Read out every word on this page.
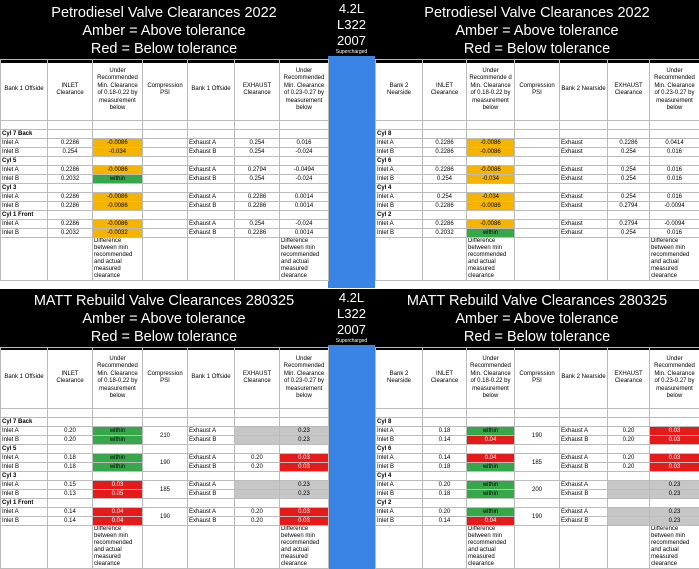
Petrodiesel Valve Clearances 2022
Amber = Above tolerance
Red = Below tolerance
Petrodiesel Valve Clearances 2022
Amber = Above tolerance
Red = Below tolerance
4.2L
L322
2007
Supercharged
MATT Rebuild Valve Clearances 280325
Amber = Above tolerance
Red = Below tolerance
MATT Rebuild Valve Clearances 280325
Amber = Above tolerance
Red = Below tolerance
4.2L
L322
2007
Supercharged
Bank 1 Offside	INLET Clearance	Under Recommended Min. Clearance of 0.18-0.22 by measurement below	Compression PSI	Bank 1 Offside	EXHAUST Clearance	Under Recommended Min. Clearance of 0.23-0.27 by measurement below

Cyl 7 Back						
Inlet A	0.2286	-0.0086		Exhaust A	0.254	0.016
Inlet B	0.254	-0.034		Exhaust B	0.254	-0.024
Cyl 5						
Inlet A	0.2286	-0.0086		Exhaust A	0.2794	-0.0494
Inlet B	0.2032	within		Exhaust B	0.254	-0.024
Cyl 3						
Inlet A	0.2286	-0.0086		Exhaust A	0.2286	0.0014
Inlet B	0.2286	-0.0086		Exhaust B	0.2286	0.0014
Cyl 1 Front						
Inlet A	0.2286	-0.0086		Exhaust A	0.254	-0.024
Inlet B	0.2032	-0.0032		Exhaust B	0.2286	0.0014
		Difference between min recommended and actual measured clearance				Difference between min recommended and actual measured clearance
Bank 2 Nearside	INLET Clearance	Under Recommende d Min. Clearance of 0.18-0.22 by measurement below	Compression PSI	Bank 2 Nearside	EXHAUST Clearance	Under Recommended Min. Clearance of 0.23-0.27 by measurement below

Cyl 8						
Inlet A	0.2286	-0.0086		Exhaust	0.2286	0.0414
Inlet B	0.2286	-0.0086		Exhaust	0.254	0.016
Cyl 6						
Inlet A	0.2286	-0.0086		Exhaust	0.254	0.016
Inlet B	0.254	-0.034		Exhaust	0.254	0.016
Cyl 4						
Inlet A	0.254	-0.034		Exhaust	0.254	0.016
Inlet B	0.2286	-0.0086		Exhaust	0.2794	-0.0094
Cyl 2						
Inlet A	0.2286	-0.0086		Exhaust	0.2794	-0.0094
Inlet B	0.2032	within		Exhaust	0.254	0.016
		Difference between min recommended and actual measured clearance				Difference between min recommended and actual measured clearance
Bank 1 Offside	INLET Clearance	Under Recommended Min. Clearance of 0.18-0.22 by measurement below	Compression PSI	Bank 1 Offside	EXHAUST Clearance	Under Recommended Min. Clearance of 0.23-0.27 by measurement below

Cyl 7 Back						
Inlet A	0.20	within	210	Exhaust A		0.23
Inlet B	0.20	within		Exhaust B		0.23
Cyl 5						
Inlet A	0.18	within	190	Exhaust A	0.20	0.03
Inlet B	0.18	within		Exhaust B	0.20	0.03
Cyl 3						
Inlet A	0.15	0.03	185	Exhaust A		0.23
Inlet B	0.13	0.05		Exhaust B		0.23
Cyl 1 Front						
Inlet A	0.14	0.04	190	Exhaust A	0.20	0.03
Inlet B	0.14	0.04		Exhaust B	0.20	0.03
		Difference between min recommended and actual measured clearance				Difference between min recommended and actual measured clearance
Bank 2 Nearside	INLET Clearance	Under Recommended Min. Clearance of 0.18-0.22 by measurement below	Compression PSI	Bank 2 Nearside	EXHAUST Clearance	Under Recommended Min. Clearance of 0.23-0.27 by measurement below

Cyl 8						
Inlet A	0.18	within	190	Exhaust A	0.20	0.03
Inlet B	0.14	0.04		Exhaust B	0.20	0.03
Cyl 6						
Inlet A	0.14	0.04	185	Exhaust A	0.20	0.03
Inlet B	0.18	within		Exhaust B	0.20	0.03
Cyl 4						
Inlet A	0.20	within	200	Exhaust A		0.23
Inlet B	0.18	within		Exhaust B		0.23
Cyl 2						
Inlet A	0.20	within	190	Exhaust A		0.23
Inlet B	0.14	0.04		Exhaust B		0.23
		Difference between min recommended and actual measured clearance				Difference between min recommended and actual measured clearance
